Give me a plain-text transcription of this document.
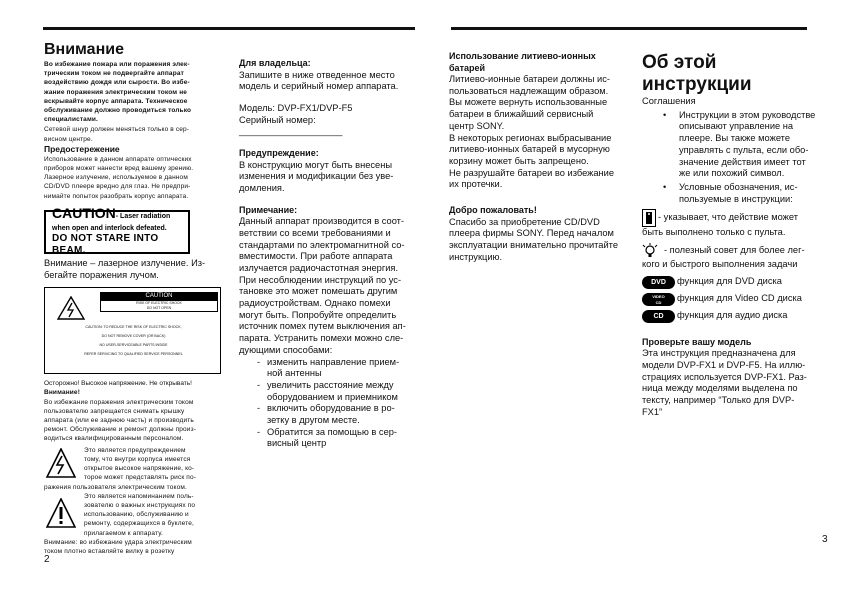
Внимание
Во избежание пожара или поражения элек-
трическим током не подвергайте аппарат
воздействию дождя или сырости. Во избе-
жание поражения электрическим током не
вскрывайте корпус аппарата. Техническое
обслуживание должно проводиться только
специалистами.
Сетевой шнур должен меняться только в сер-
висном центре.
Предостережение
Использование в данном аппарате оптических
приборов может нанести вред вашему зрению.
Лазерное излучение, используемое в данном
CD/DVD плеере вредно для глаз. Не предпри-
нимайте попыток разобрать корпус аппарата.
CAUTION- Laser radiation
when open and interlock defeated.
DO NOT STARE INTO BEAM.
Внимание – лазерное излучение. Из-
бегайте поражения лучом.
CAUTION
RISK OF ELECTRIC SHOCK
DO NOT OPEN
CAUTION: TO REDUCE THE RISK OF ELECTRIC SHOCK,
DO NOT REMOVE COVER (OR BACK)
NO USER-SERVICEABLE PARTS INSIDE
REFER SERVICING TO QUALIFIED SERVICE PERSONNEL
Осторожно! Высокое напряжение. Не открывать!
Внимание!
Во избежание поражения электрическим током
пользователю запрещается снимать крышку
аппарата (или ее заднюю часть) и производить
ремонт. Обслуживание и ремонт должны произ-
водиться квалифицированным персоналом.
Это является предупреждением
тому, что внутри корпуса имеется
открытое высокое напряжение, ко-
торое может представлять риск по-
ражения пользователя электрическим током.
Это является напоминанием поль-
зователю о важных инструкциях по
использованию, обслуживанию и
ремонту, содержащихся в буклете,
прилагаемом к аппарату.
Внимание: во избежание удара электрическим
током плотно вставляйте вилку в розетку
2
Для владельца:
Запишите в ниже отведенное место
модель и серийный номер аппарата.
Модель: DVP-FX1/DVP-F5
Серийный номер: ____________________
Предупреждение:
В конструкцию могут быть внесены
изменения и модификации без уве-
домления.
Примечание:
Данный аппарат производится в соот-
ветствии со всеми требованиями и
стандартами по электромагнитной со-
вместимости. При работе аппарата
излучается радиочастотная энергия.
При несоблюдении инструкций по ус-
тановке это может помешать другим
радиоустройствам. Однако помехи
могут быть. Попробуйте определить
источник помех путем выключения ап-
парата. Устранить помехи можно сле-
дующими способами:
- изменить направление прием-
ной антенны
- увеличить расстояние между
оборудованием и приемником
- включить оборудование в ро-
зетку в другом месте.
- Обратится за помощью в сер-
висный центр
Использование литиево-ионных
батарей
Литиево-ионные батареи должны ис-
пользоваться надлежащим образом.
Вы можете вернуть использованные
батареи в ближайший сервисный
центр SONY.
В некоторых регионах выбрасывание
литиево-ионных батарей в мусорную
корзину может быть запрещено.
Не разрушайте батареи во избежание
их протечки.
Добро пожаловать!
Спасибо за приобретение CD/DVD
плеера фирмы SONY. Перед началом
эксплуатации внимательно прочитайте
инструкцию.
Об этой инструкции
Соглашения
• Инструкции в этом руководстве
описывают управление на
плеере. Вы также можете
управлять с пульта, если обо-
значение действия имеет тот
же или похожий символ.
• Условные обозначения, ис-
пользуемые в инструкции:
- указывает, что действие может
быть выполнено только с пульта.
- полезный совет для более лег-
кого и быстрого выполнения задачи
DVD	функция для DVD диска
VIDEO
CD	функция для Video CD диска
CD	функция для аудио диска
Проверьте вашу модель
Эта инструкция предназначена для
модели DVP-FX1 и DVP-F5. На иллю-
страциях используется DVP-FX1. Раз-
ница между моделями выделена по
тексту, например “Только для DVP-
FX1”
3
